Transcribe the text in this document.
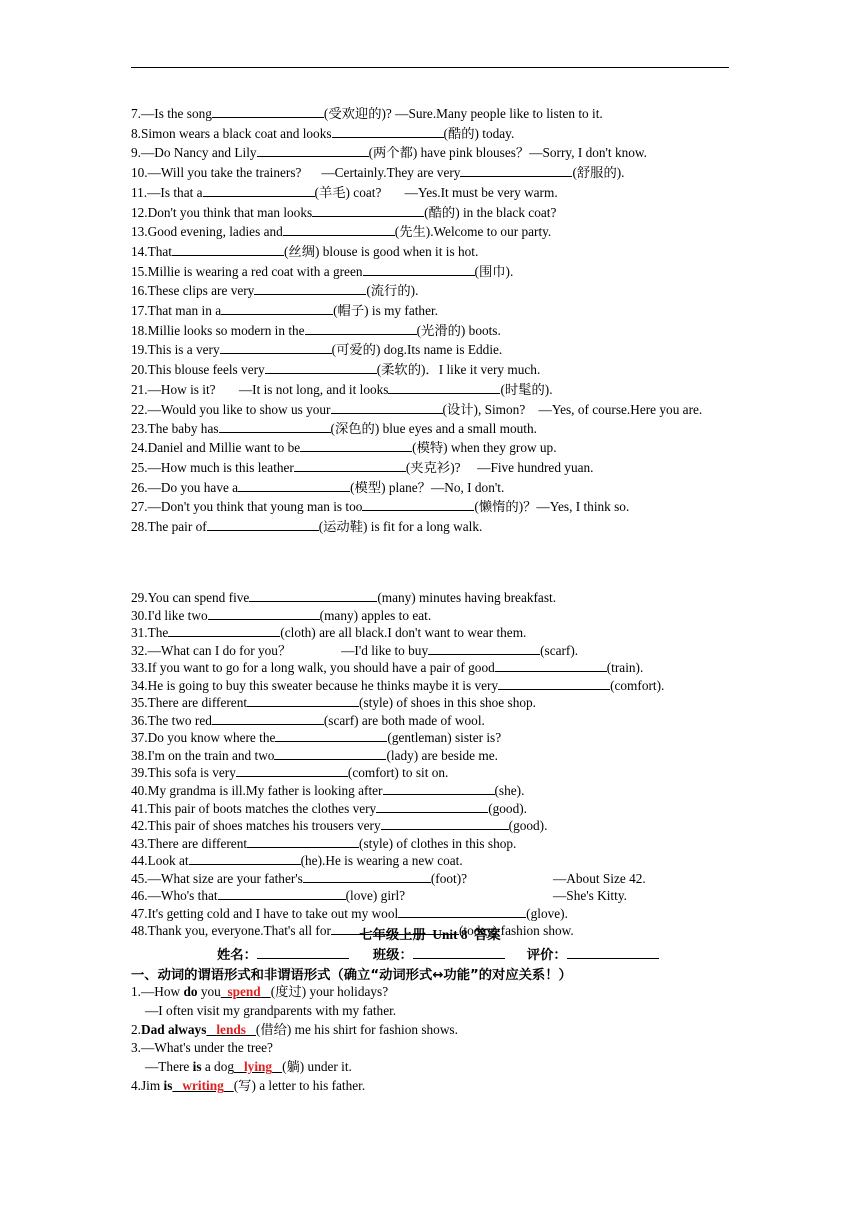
7.—Is the song	(受欢迎的)? —Sure.Many people like to listen to it.
8.Simon wears a black coat and looks	(酷的) today.
9.—Do Nancy and Lily	(两个都) have pink blouses？—Sorry, I don't know.
10.—Will you take the trainers?      —Certainly.They are very	(舒服的).
11.—Is that a	(羊毛) coat?       —Yes.It must be very warm.
12.Don't you think that man looks	(酷的) in the black coat?
13.Good evening, ladies and	(先生).Welcome to our party.
14.That	(丝绸) blouse is good when it is hot.
15.Millie is wearing a red coat with a green	(围巾).
16.These clips are very	(流行的).
17.That man in a	(帽子) is my father.
18.Millie looks so modern in the	(光滑的) boots.
19.This is a very	(可爱的) dog.Its name is Eddie.
20.This blouse feels very	(柔软的)．I like it very much.
21.—How is it?       —It is not long, and it looks	(时髦的).
22.—Would you like to show us your	(设计), Simon?    —Yes, of course.Here you are.
23.The baby has	(深色的) blue eyes and a small mouth.
24.Daniel and Millie want to be	(模特) when they grow up.
25.—How much is this leather	(夹克衫)?     —Five hundred yuan.
26.—Do you have a	(模型) plane？—No, I don't.
27.—Don't you think that young man is too	(懒惰的)？—Yes, I think so.
28.The pair of	(运动鞋) is fit for a long walk.
29.You can spend five	(many) minutes having breakfast.
30.I'd like two	(many) apples to eat.
31.The	(cloth) are all black.I don't want to wear them.
32.—What can I do for you？               —I'd like to buy	(scarf).
33.If you want to go for a long walk, you should have a pair of good	(train).
34.He is going to buy this sweater because he thinks maybe it is very	(comfort).
35.There are different	(style) of shoes in this shoe shop.
36.The two red	(scarf) are both made of wool.
37.Do you know where the	(gentleman) sister is?
38.I'm on the train and two	(lady) are beside me.
39.This sofa is very	(comfort) to sit on.
40.My grandma is ill.My father is looking after	(she).
41.This pair of boots matches the clothes very	(good).
42.This pair of shoes matches his trousers very	(good).
43.There are different	(style) of clothes in this shop.
44.Look at	(he).He is wearing a new coat.
45.—What size are your father's	(foot)?	—About Size 42.
46.—Who's that	(love) girl?	—She's Kitty.
47.It's getting cold and I have to take out my wool	(glove).
48.Thank you, everyone.That's all for	(today) fashion show.
七年级上册  Unit 8  答案
姓名：	班级：	评价：
一、动词的谓语形式和非谓语形式（确立“动词形式↔功能”的对应关系！）
1.—How do you spend (度过) your holidays?
—I often visit my grandparents with my father.
2.Dad always lends (借给) me his shirt for fashion shows.
3.—What's under the tree?
—There is a dog lying (躺) under it.
4.Jim is writing (写) a letter to his father.
